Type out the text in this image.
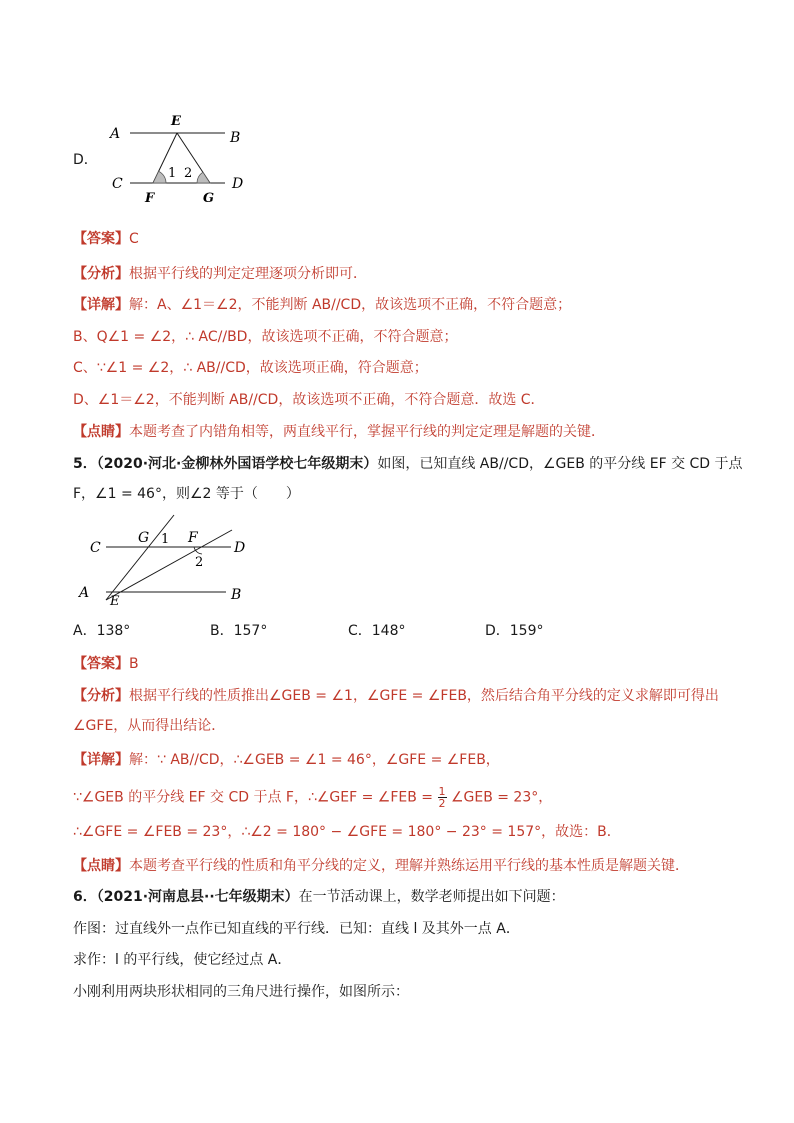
D．
A	B
C	D
E
F	G
1 2
【答案】C
【分析】根据平行线的判定定理逐项分析即可．
【详解】解：A、∠1＝∠2，不能判断 AB//CD，故该选项不正确，不符合题意；
B、Q∠1 = ∠2，∴ AC//BD，故该选项不正确，不符合题意；
C、∵∠1 = ∠2，∴ AB//CD，故该选项正确，符合题意；
D、∠1＝∠2，不能判断 AB//CD，故该选项不正确，不符合题意．故选 C．
【点睛】本题考查了内错角相等，两直线平行，掌握平行线的判定定理是解题的关键．
5．（2020·河北·金柳林外国语学校七年级期末）如图，已知直线 AB//CD，∠GEB 的平分线 EF 交 CD 于点
F，∠1 = 46°，则∠2 等于（　　）
C	D
A	B
G	F
E
1
2
A．138°	B．157°	C．148°	D．159°
【答案】B
【分析】根据平行线的性质推出∠GEB = ∠1，∠GFE = ∠FEB，然后结合角平分线的定义求解即可得出
∠GFE，从而得出结论．
【详解】解：∵ AB//CD，∴∠GEB = ∠1 = 46°，∠GFE = ∠FEB，
∵∠GEB 的平分线 EF 交 CD 于点 F，∴∠GEF = ∠FEB = $\frac{1}{2}$ ∠GEB = 23°，
∴∠GFE = ∠FEB = 23°，∴∠2 = 180° − ∠GFE = 180° − 23° = 157°，故选：B．
【点睛】本题考查平行线的性质和角平分线的定义，理解并熟练运用平行线的基本性质是解题关键．
6．（2021·河南息县··七年级期末）在一节活动课上，数学老师提出如下问题：
作图：过直线外一点作已知直线的平行线．已知：直线 l 及其外一点 A．
求作：l 的平行线，使它经过点 A．
小刚利用两块形状相同的三角尺进行操作，如图所示：
